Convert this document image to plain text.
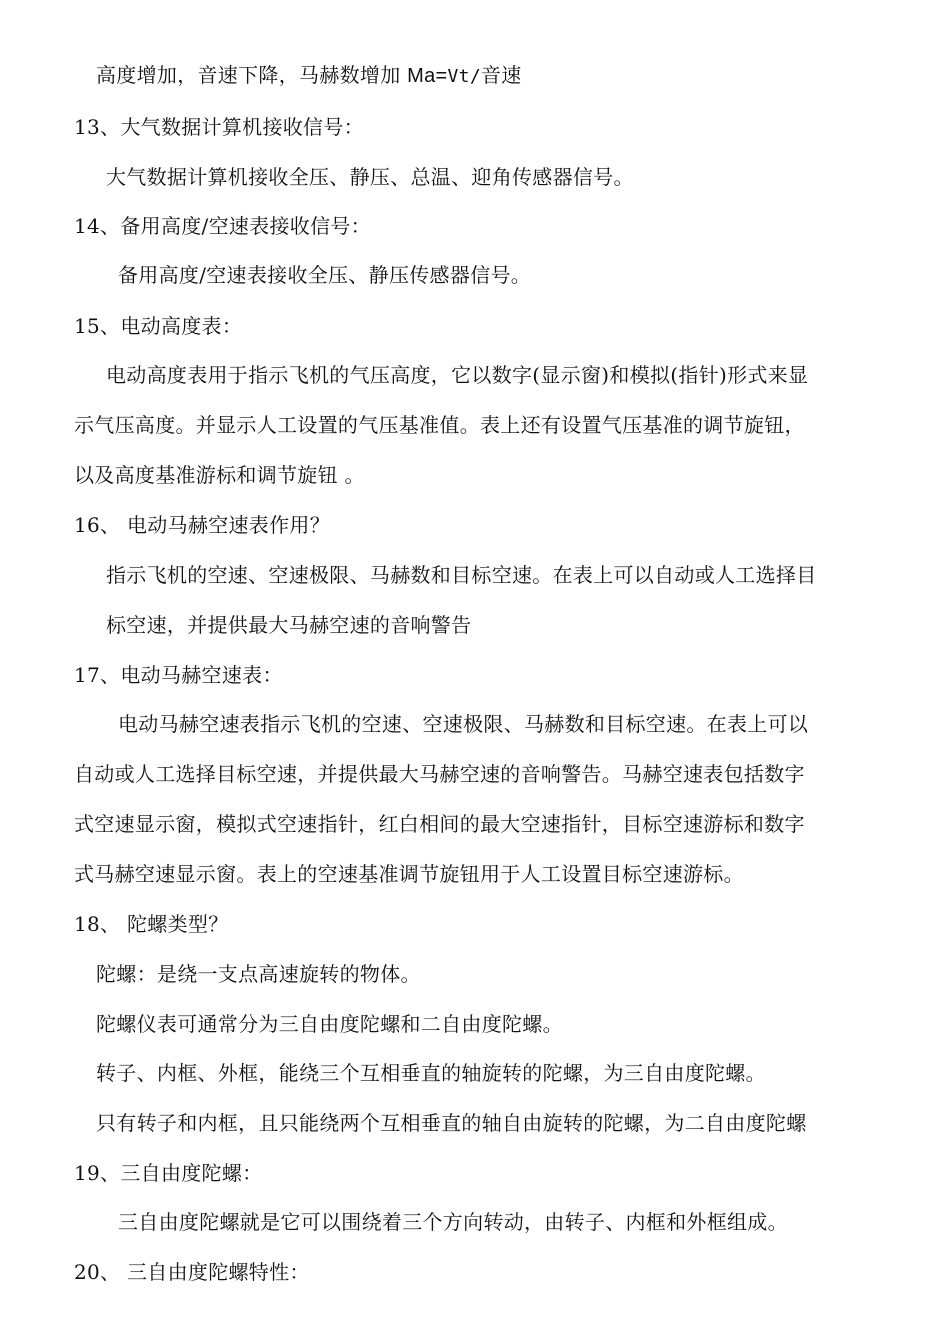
高度增加，音速下降，马赫数增加 Ma=Vt/音速
13、大气数据计算机接收信号：
大气数据计算机接收全压、静压、总温、迎角传感器信号。
14、备用高度/空速表接收信号：
备用高度/空速表接收全压、静压传感器信号。
15、电动高度表：
电动高度表用于指示飞机的气压高度，它以数字(显示窗)和模拟(指针)形式来显
示气压高度。并显示人工设置的气压基准值。表上还有设置气压基准的调节旋钮，
以及高度基准游标和调节旋钮 。
16、 电动马赫空速表作用？
指示飞机的空速、空速极限、马赫数和目标空速。在表上可以自动或人工选择目
标空速，并提供最大马赫空速的音响警告
17、电动马赫空速表：
电动马赫空速表指示飞机的空速、空速极限、马赫数和目标空速。在表上可以
自动或人工选择目标空速，并提供最大马赫空速的音响警告。马赫空速表包括数字
式空速显示窗，模拟式空速指针，红白相间的最大空速指针，目标空速游标和数字
式马赫空速显示窗。表上的空速基准调节旋钮用于人工设置目标空速游标。
18、 陀螺类型？
陀螺：是绕一支点高速旋转的物体。
陀螺仪表可通常分为三自由度陀螺和二自由度陀螺。
转子、内框、外框，能绕三个互相垂直的轴旋转的陀螺，为三自由度陀螺。
只有转子和内框，且只能绕两个互相垂直的轴自由旋转的陀螺，为二自由度陀螺
19、三自由度陀螺：
三自由度陀螺就是它可以围绕着三个方向转动，由转子、内框和外框组成。
20、 三自由度陀螺特性：
